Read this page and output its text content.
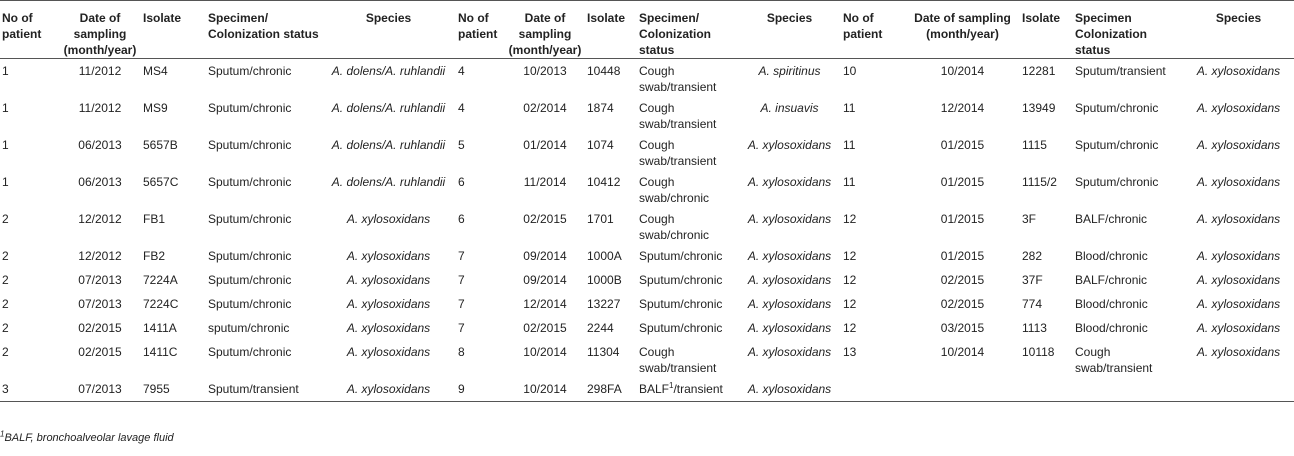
No of patient	Date of sampling (month/year)	Isolate	Specimen/ Colonization status	Species	No of patient	Date of sampling (month/year)	Isolate	Specimen/ Colonization status	Species	No of patient	Date of sampling (month/year)	Isolate	Specimen Colonization status	Species
1	11/2012	MS4	Sputum/chronic	A. dolens/A. ruhlandii	4	10/2013	10448	Cough swab/transient	A. spiritinus	10	10/2014	12281	Sputum/transient	A. xylosoxidans
1	11/2012	MS9	Sputum/chronic	A. dolens/A. ruhlandii	4	02/2014	1874	Cough swab/transient	A. insuavis	11	12/2014	13949	Sputum/chronic	A. xylosoxidans
1	06/2013	5657B	Sputum/chronic	A. dolens/A. ruhlandii	5	01/2014	1074	Cough swab/transient	A. xylosoxidans	11	01/2015	1115	Sputum/chronic	A. xylosoxidans
1	06/2013	5657C	Sputum/chronic	A. dolens/A. ruhlandii	6	11/2014	10412	Cough swab/chronic	A. xylosoxidans	11	01/2015	1115/2	Sputum/chronic	A. xylosoxidans
2	12/2012	FB1	Sputum/chronic	A. xylosoxidans	6	02/2015	1701	Cough swab/chronic	A. xylosoxidans	12	01/2015	3F	BALF/chronic	A. xylosoxidans
2	12/2012	FB2	Sputum/chronic	A. xylosoxidans	7	09/2014	1000A	Sputum/chronic	A. xylosoxidans	12	01/2015	282	Blood/chronic	A. xylosoxidans
2	07/2013	7224A	Sputum/chronic	A. xylosoxidans	7	09/2014	1000B	Sputum/chronic	A. xylosoxidans	12	02/2015	37F	BALF/chronic	A. xylosoxidans
2	07/2013	7224C	Sputum/chronic	A. xylosoxidans	7	12/2014	13227	Sputum/chronic	A. xylosoxidans	12	02/2015	774	Blood/chronic	A. xylosoxidans
2	02/2015	1411A	sputum/chronic	A. xylosoxidans	7	02/2015	2244	Sputum/chronic	A. xylosoxidans	12	03/2015	1113	Blood/chronic	A. xylosoxidans
2	02/2015	1411C	Sputum/chronic	A. xylosoxidans	8	10/2014	11304	Cough swab/transient	A. xylosoxidans	13	10/2014	10118	Cough swab/transient	A. xylosoxidans
3	07/2013	7955	Sputum/transient	A. xylosoxidans	9	10/2014	298FA	BALF$^1$/transient	A. xylosoxidans					
$^1$BALF, bronchoalveolar lavage fluid
